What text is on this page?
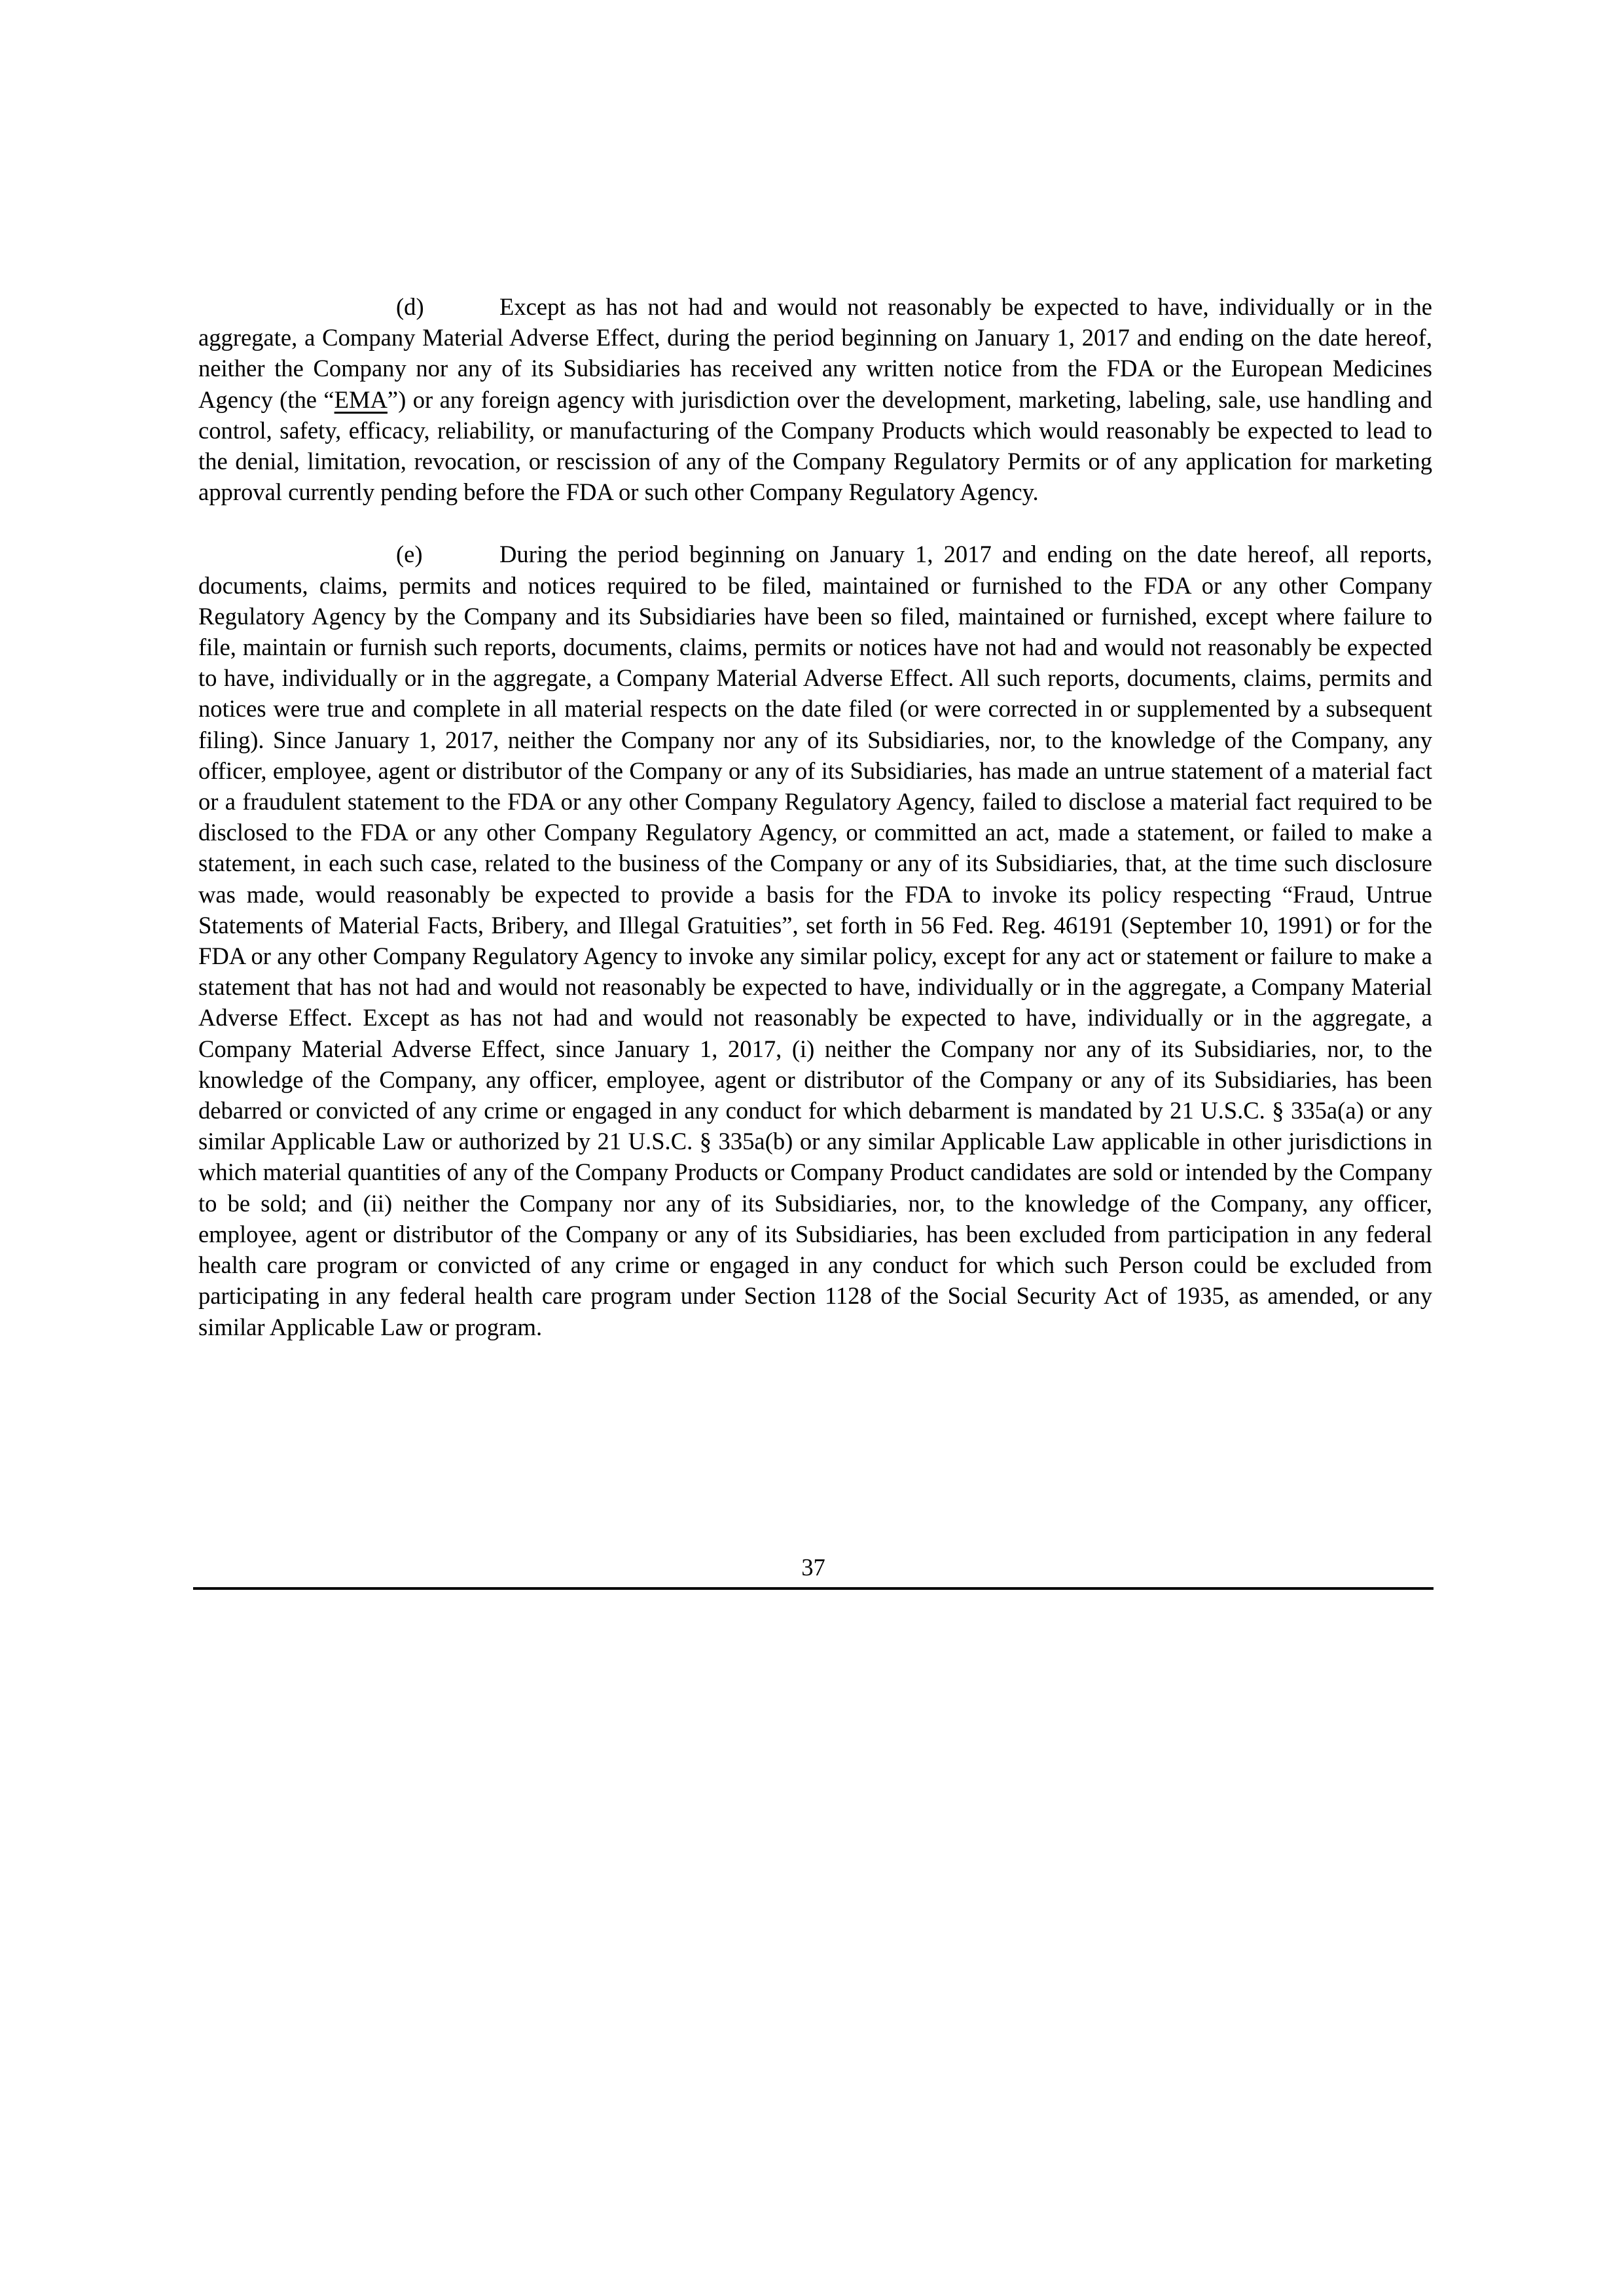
(d)	Except as has not had and would not reasonably be expected to have, individually or in the aggregate, a Company Material Adverse Effect, during the period beginning on January 1, 2017 and ending on the date hereof, neither the Company nor any of its Subsidiaries has received any written notice from the FDA or the European Medicines Agency (the “EMA”) or any foreign agency with jurisdiction over the development, marketing, labeling, sale, use handling and control, safety, efficacy, reliability, or manufacturing of the Company Products which would reasonably be expected to lead to the denial, limitation, revocation, or rescission of any of the Company Regulatory Permits or of any application for marketing approval currently pending before the FDA or such other Company Regulatory Agency.

(e)	During the period beginning on January 1, 2017 and ending on the date hereof, all reports, documents, claims, permits and notices required to be filed, maintained or furnished to the FDA or any other Company Regulatory Agency by the Company and its Subsidiaries have been so filed, maintained or furnished, except where failure to file, maintain or furnish such reports, documents, claims, permits or notices have not had and would not reasonably be expected to have, individually or in the aggregate, a Company Material Adverse Effect. All such reports, documents, claims, permits and notices were true and complete in all material respects on the date filed (or were corrected in or supplemented by a subsequent filing). Since January 1, 2017, neither the Company nor any of its Subsidiaries, nor, to the knowledge of the Company, any officer, employee, agent or distributor of the Company or any of its Subsidiaries, has made an untrue statement of a material fact or a fraudulent statement to the FDA or any other Company Regulatory Agency, failed to disclose a material fact required to be disclosed to the FDA or any other Company Regulatory Agency, or committed an act, made a statement, or failed to make a statement, in each such case, related to the business of the Company or any of its Subsidiaries, that, at the time such disclosure was made, would reasonably be expected to provide a basis for the FDA to invoke its policy respecting “Fraud, Untrue Statements of Material Facts, Bribery, and Illegal Gratuities”, set forth in 56 Fed. Reg. 46191 (September 10, 1991) or for the FDA or any other Company Regulatory Agency to invoke any similar policy, except for any act or statement or failure to make a statement that has not had and would not reasonably be expected to have, individually or in the aggregate, a Company Material Adverse Effect. Except as has not had and would not reasonably be expected to have, individually or in the aggregate, a Company Material Adverse Effect, since January 1, 2017, (i) neither the Company nor any of its Subsidiaries, nor, to the knowledge of the Company, any officer, employee, agent or distributor of the Company or any of its Subsidiaries, has been debarred or convicted of any crime or engaged in any conduct for which debarment is mandated by 21 U.S.C. § 335a(a) or any similar Applicable Law or authorized by 21 U.S.C. § 335a(b) or any similar Applicable Law applicable in other jurisdictions in which material quantities of any of the Company Products or Company Product candidates are sold or intended by the Company to be sold; and (ii) neither the Company nor any of its Subsidiaries, nor, to the knowledge of the Company, any officer, employee, agent or distributor of the Company or any of its Subsidiaries, has been excluded from participation in any federal health care program or convicted of any crime or engaged in any conduct for which such Person could be excluded from participating in any federal health care program under Section 1128 of the Social Security Act of 1935, as amended, or any similar Applicable Law or program.

37
